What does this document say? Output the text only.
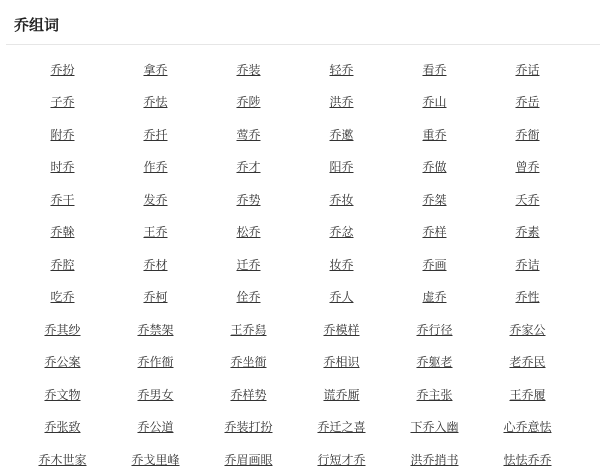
乔组词
乔扮	拿乔	乔装	轻乔	看乔	乔话
子乔	乔怯	乔陟	洪乔	乔山	乔岳
附乔	乔扦	莺乔	乔遬	重乔	乔衙
时乔	作乔	乔才	阳乔	乔做	曾乔
乔干	发乔	乔势	乔妆	乔桀	夭乔
乔榦	王乔	松乔	乔忿	乔样	乔素
乔腔	乔材	迁乔	妆乔	乔画	乔诘
吃乔	乔柯	佺乔	乔人	虚乔	乔性
乔其纱	乔禁架	王乔舄	乔模样	乔行径	乔家公
乔公案	乔作衙	乔坐衙	乔相识	乔躯老	老乔民
乔文物	乔男女	乔样势	谎乔厮	乔主张	王乔履
乔张致	乔公道	乔装打扮	乔迁之喜	下乔入幽	心乔意怯
乔木世家	乔戈里峰	乔眉画眼	行短才乔	洪乔捎书	怯怯乔乔
